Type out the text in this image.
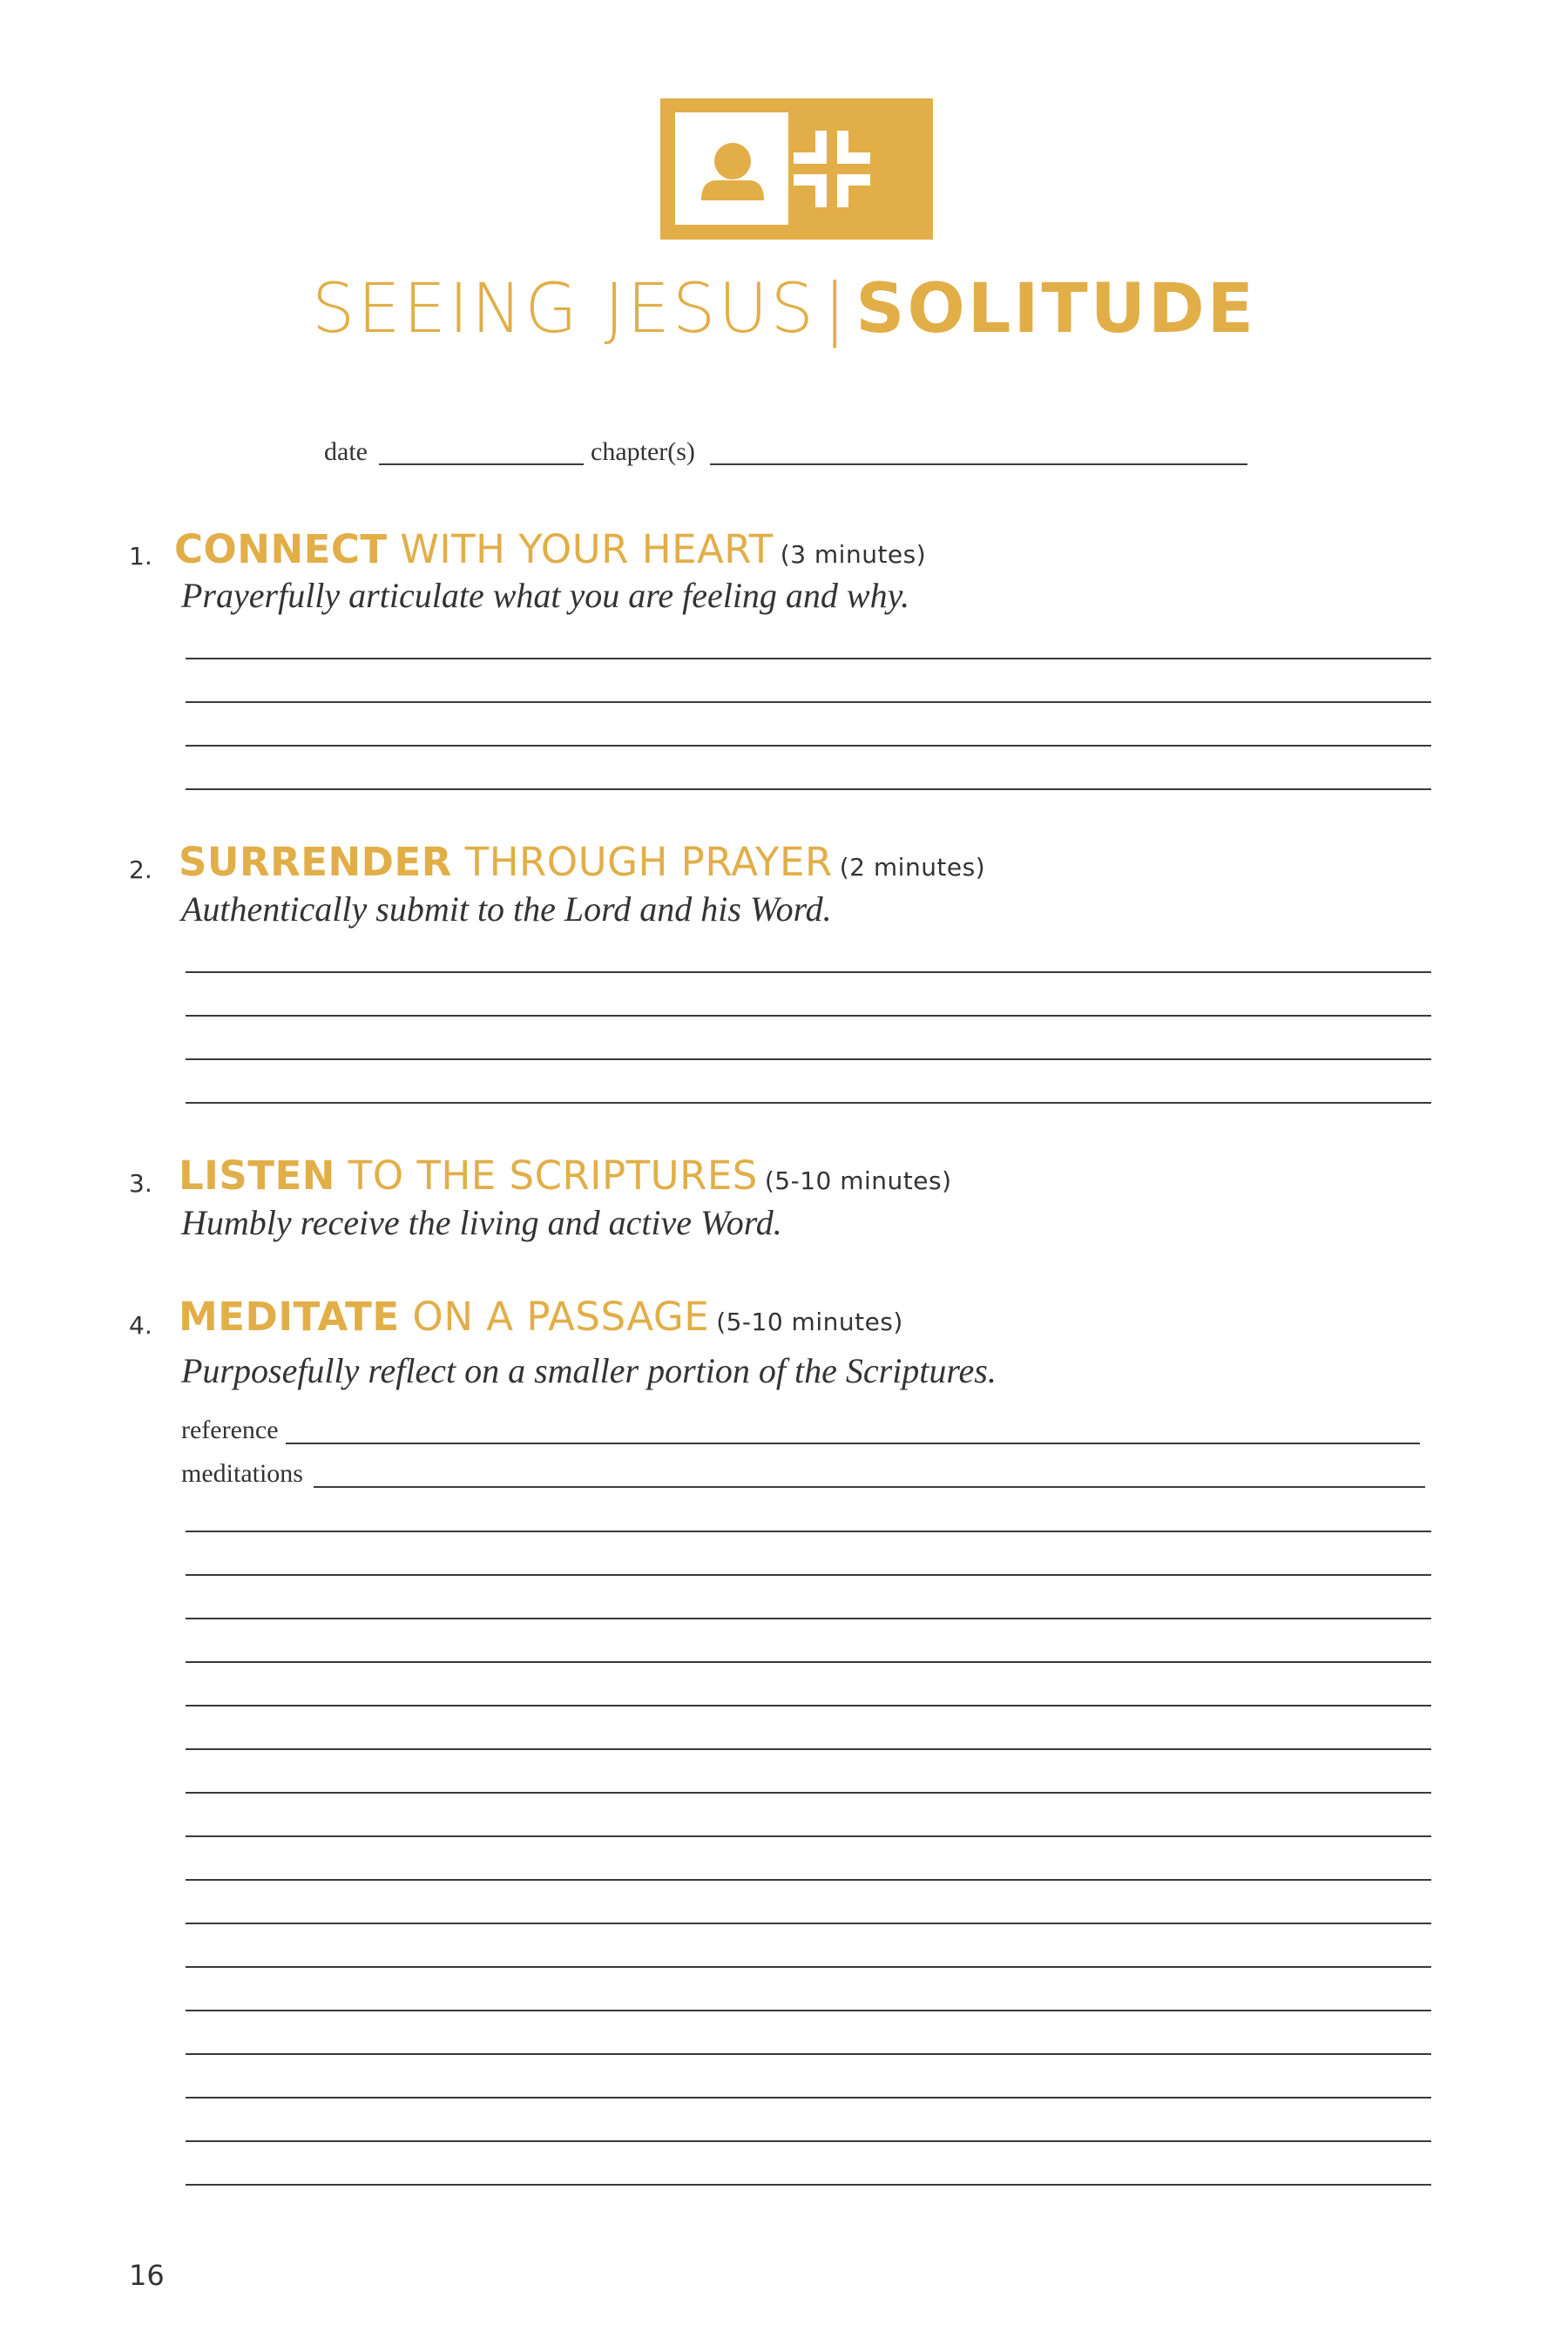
SEEING JESUS | SOLITUDE
date	chapter(s)
1. CONNECT WITH YOUR HEART (3 minutes)
Prayerfully articulate what you are feeling and why.
2. SURRENDER THROUGH PRAYER (2 minutes)
Authentically submit to the Lord and his Word.
3. LISTEN TO THE SCRIPTURES (5-10 minutes)
Humbly receive the living and active Word.
4. MEDITATE ON A PASSAGE (5-10 minutes)
Purposefully reflect on a smaller portion of the Scriptures.
reference
meditations
16
